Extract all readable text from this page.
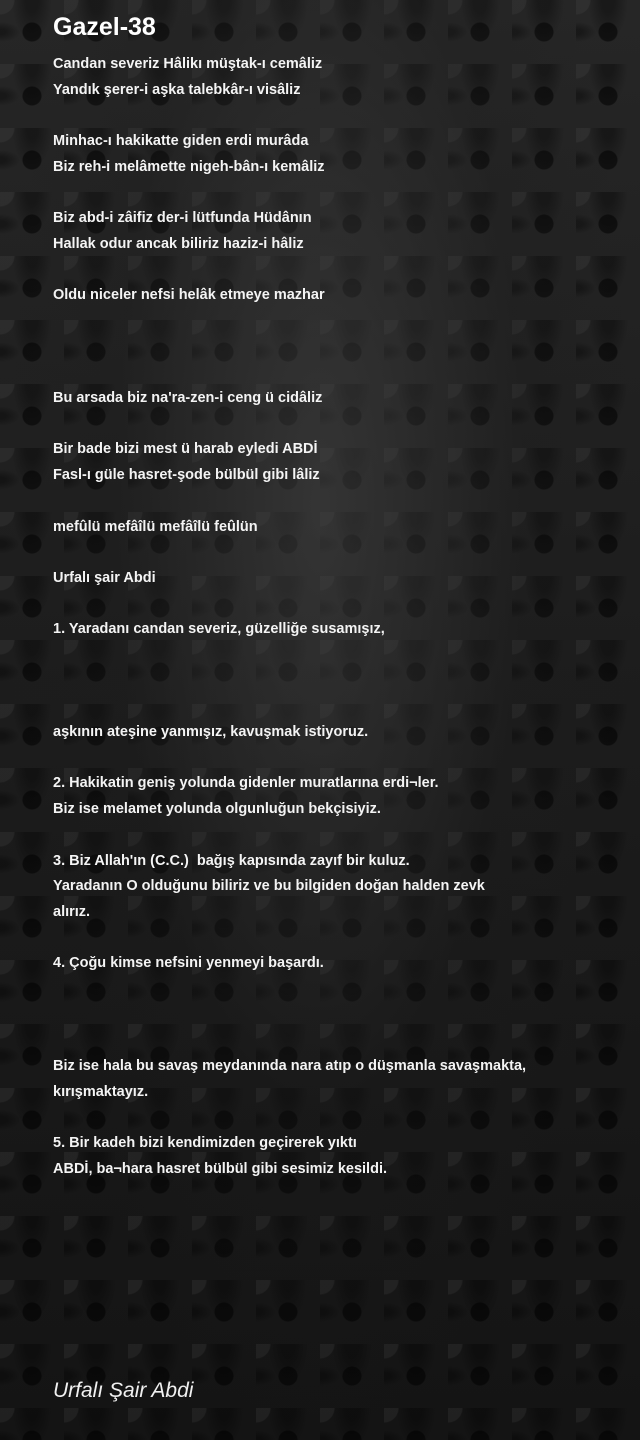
Gazel-38
Candan severiz Hâlikı müştak-ı cemâliz
Yandık şerer-i aşka talebkâr-ı visâliz
Minhac-ı hakikatte giden erdi murâda
Biz reh-i melâmette nigeh-bân-ı kemâliz
Biz abd-i zâifiz der-i lütfunda Hüdânın
Hallak odur ancak biliriz haziz-i hâliz
Oldu niceler nefsi helâk etmeye mazhar
Bu arsada biz na'ra-zen-i ceng ü cidâliz
Bir bade bizi mest ü harab eyledi ABDİ
Fasl-ı güle hasret-şode bülbül gibi lâliz
mefûlü mefâîlü mefâîlü feûlün
Urfalı şair Abdi
1. Yaradanı candan severiz, güzelliğe susamışız,
aşkının ateşine yanmışız, kavuşmak istiyoruz.
2. Hakikatin geniş yolunda gidenler muratlarına erdi¬ler.
Biz ise melamet yolunda olgunluğun bekçisiyiz.
3. Biz Allah'ın (C.C.)  bağış kapısında zayıf bir kuluz.
Yaradanın O olduğunu biliriz ve bu bilgiden doğan halden zevk
alırız.
4. Çoğu kimse nefsini yenmeyi başardı.
Biz ise hala bu savaş meydanında nara atıp o düşmanla savaşmakta,
kırışmaktayız.
5. Bir kadeh bizi kendimizden geçirerek yıktı
ABDİ, ba¬hara hasret bülbül gibi sesimiz kesildi.
Urfalı Şair Abdi
